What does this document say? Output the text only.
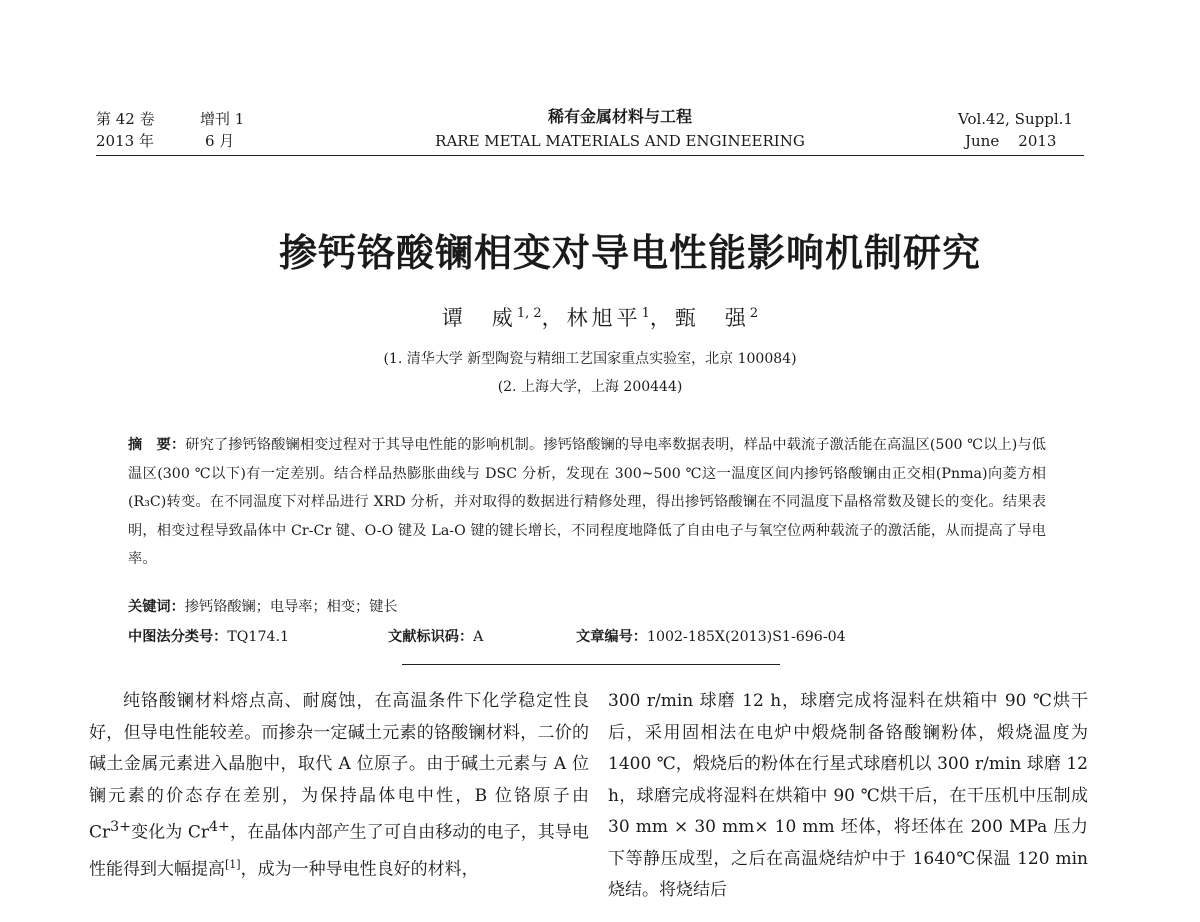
第 42 卷	增刊 1
2013 年	6 月
稀有金属材料与工程
RARE METAL MATERIALS AND ENGINEERING
Vol.42, Suppl.1
June    2013
掺钙铬酸镧相变对导电性能影响机制研究
谭　威$^{1, 2}$，林旭平$^1$，甄　强$^2$
(1. 清华大学 新型陶瓷与精细工艺国家重点实验室，北京 100084)
(2. 上海大学，上海 200444)
摘　要：研究了掺钙铬酸镧相变过程对于其导电性能的影响机制。掺钙铬酸镧的导电率数据表明，样品中载流子激活能在高温区(500 ℃以上)与低温区(300 ℃以下)有一定差别。结合样品热膨胀曲线与 DSC 分析，发现在 300~500 ℃这一温度区间内掺钙铬酸镧由正交相(Pnma)向菱方相(R₃C)转变。在不同温度下对样品进行 XRD 分析，并对取得的数据进行精修处理，得出掺钙铬酸镧在不同温度下晶格常数及键长的变化。结果表明，相变过程导致晶体中 Cr-Cr 键、O-O 键及 La-O 键的键长增长，不同程度地降低了自由电子与氧空位两种载流子的激活能，从而提高了导电率。
关键词：掺钙铬酸镧；电导率；相变；键长
中图法分类号：TQ174.1	文献标识码：A	文章编号：1002-185X(2013)S1-696-04

纯铬酸镧材料熔点高、耐腐蚀，在高温条件下化学稳定性良好，但导电性能较差。而掺杂一定碱土元素的铬酸镧材料，二价的碱土金属元素进入晶胞中，取代 A 位原子。由于碱土元素与 A 位镧元素的价态存在差别，为保持晶体电中性，B 位铬原子由 $Cr^{3+}$变化为 $Cr^{4+}$，在晶体内部产生了可自由移动的电子，其导电性能得到大幅提高[1]，成为一种导电性良好的材料，

300 r/min 球磨 12 h，球磨完成将湿料在烘箱中 90 ℃烘干后，采用固相法在电炉中煅烧制备铬酸镧粉体，煅烧温度为 1400 ℃，煅烧后的粉体在行星式球磨机以 300 r/min 球磨 12 h，球磨完成将湿料在烘箱中 90 ℃烘干后，在干压机中压制成 30 mm × 30 mm× 10 mm 坯体，将坯体在 200 MPa 压力下等静压成型，之后在高温烧结炉中于 1640℃保温 120 min 烧结。将烧结后
